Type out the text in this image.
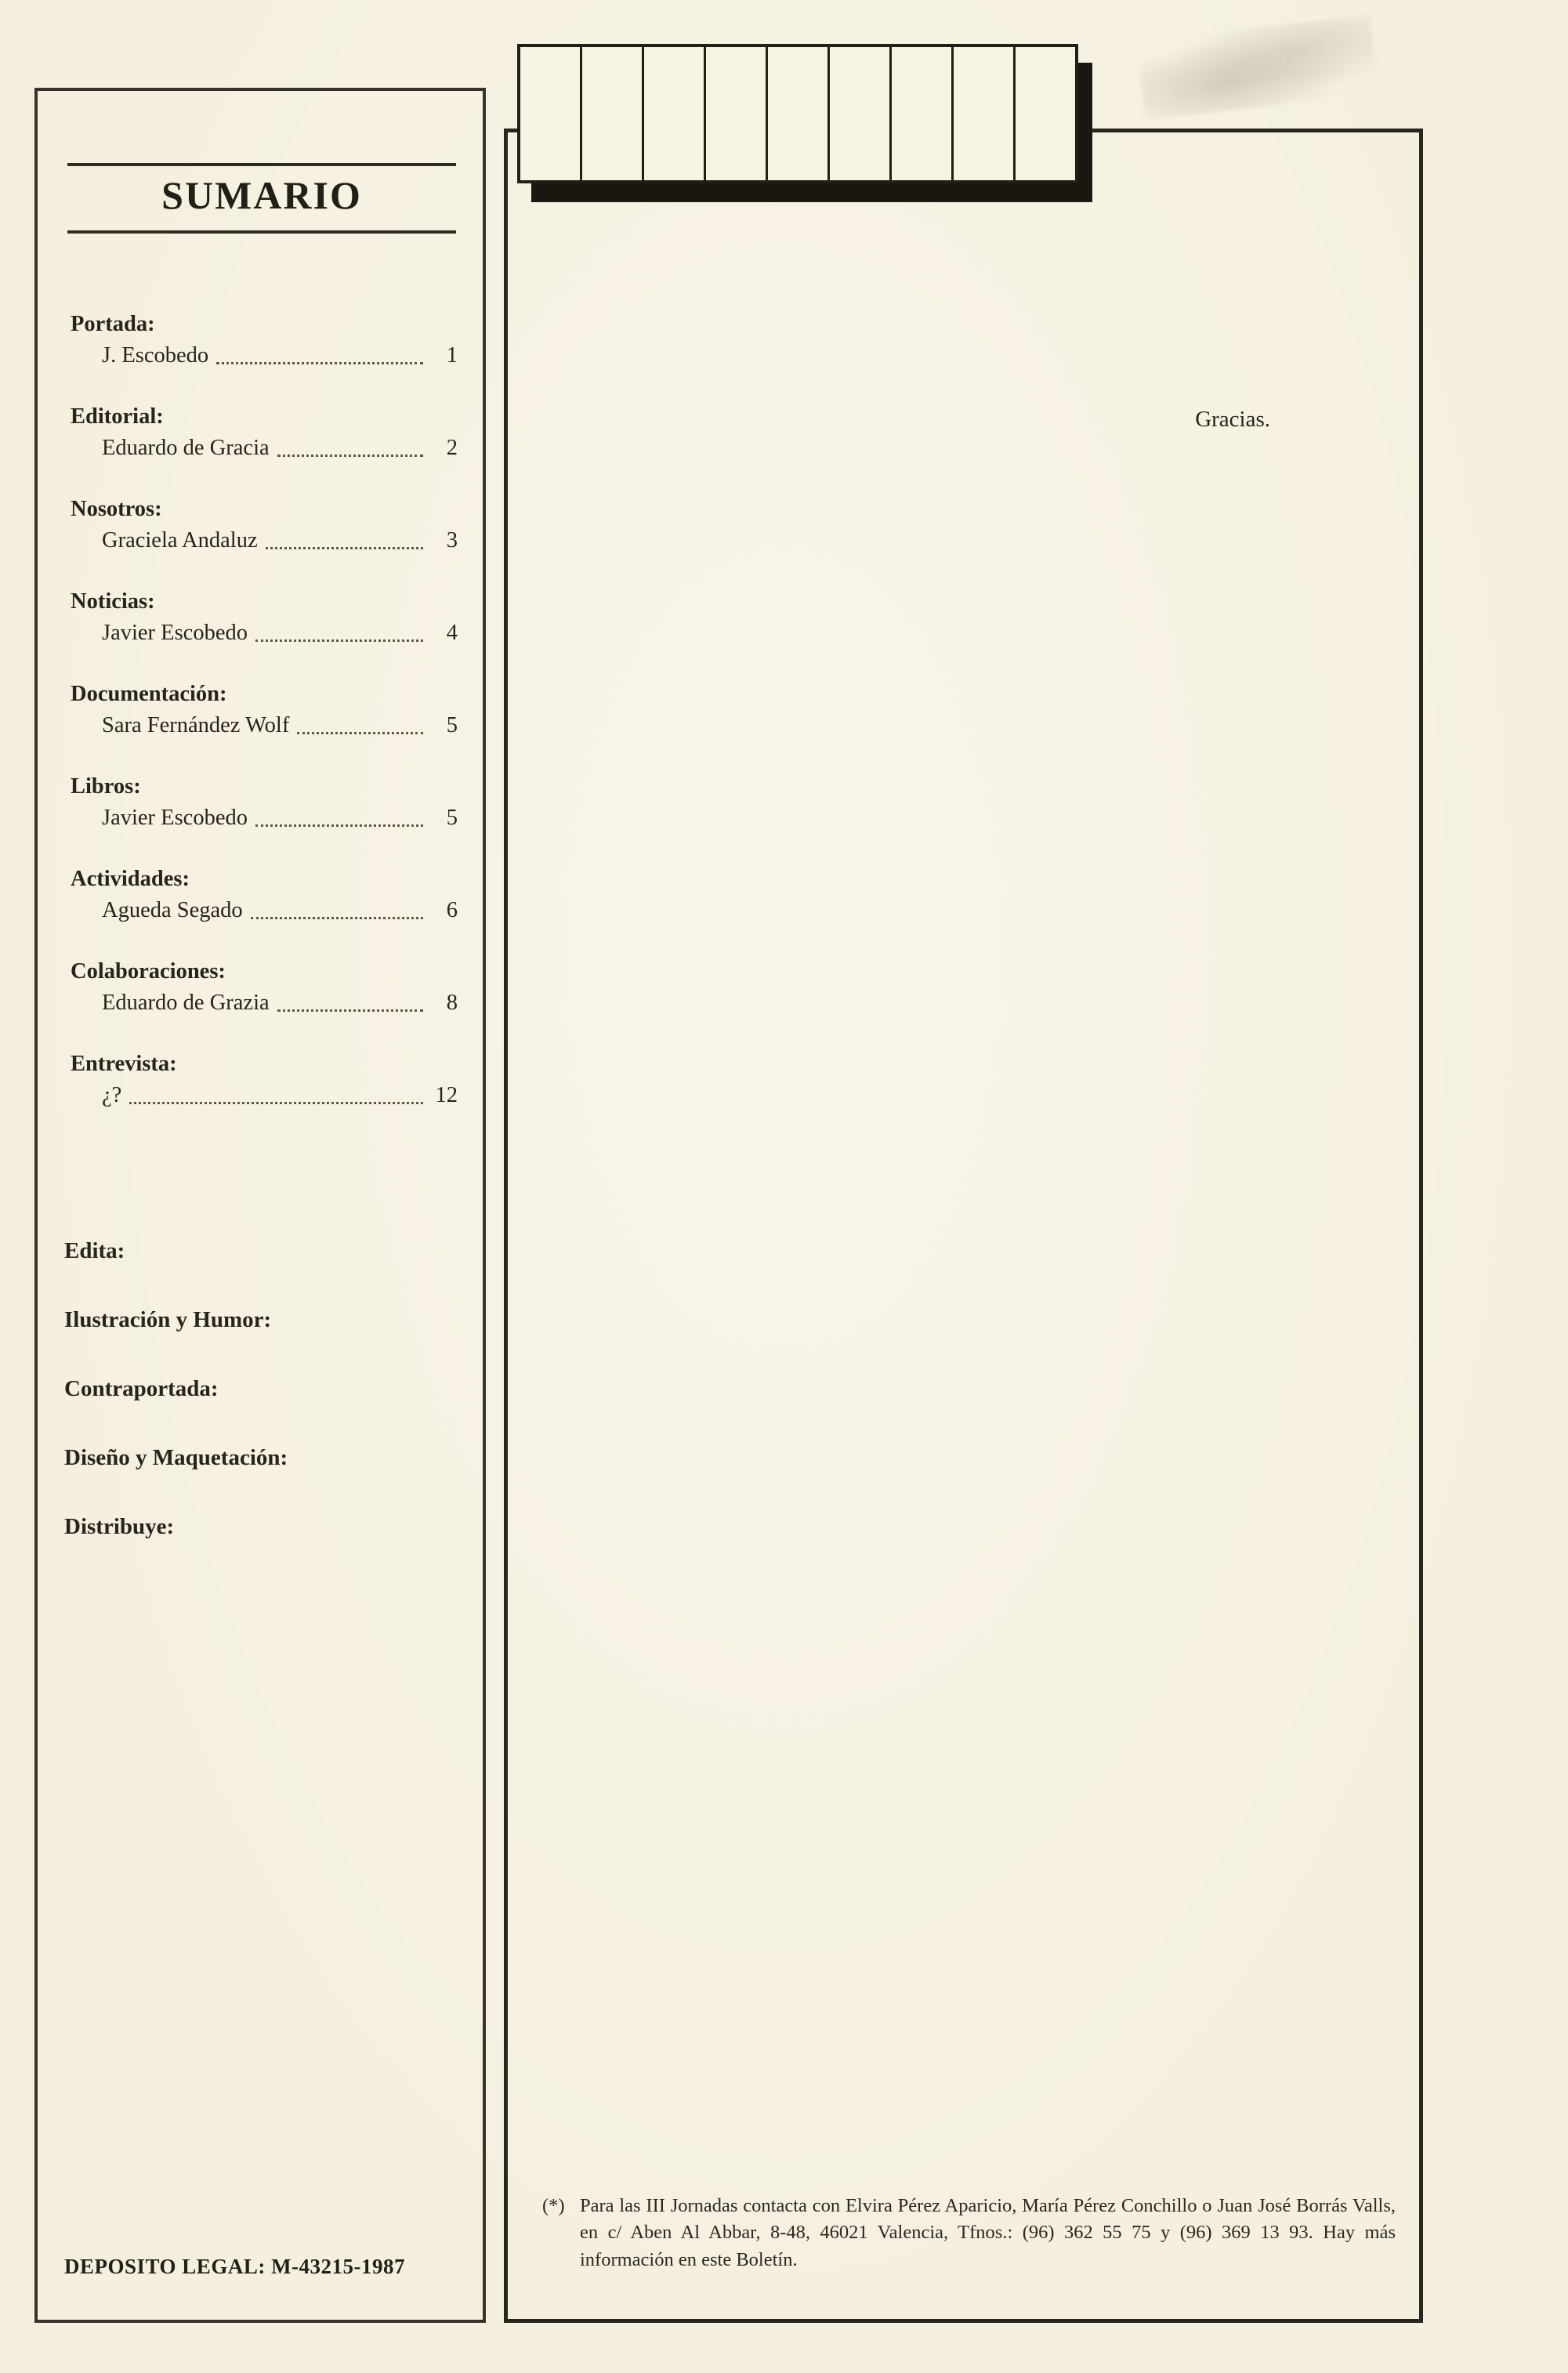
SUMARIO
Portada:
J. Escobedo	1
Editorial:
Eduardo de Gracia	2
Nosotros:
Graciela Andaluz	3
Noticias:
Javier Escobedo	4
Documentación:
Sara Fernández Wolf	5
Libros:
Javier Escobedo	5
Actividades:
Agueda Segado	6
Colaboraciones:
Eduardo de Grazia	8
Entrevista:
¿?	12
Edita:
Ilustración y Humor:
Contraportada:
Diseño y Maquetación:
Distribuye:
DEPOSITO LEGAL: M-43215-1987

Gracias.
(*) Para las III Jornadas contacta con Elvira Pérez Aparicio, María Pérez Conchillo o Juan José Borrás Valls, en c/ Aben Al Abbar, 8-48, 46021 Valencia, Tfnos.: (96) 362 55 75 y (96) 369 13 93. Hay más información en este Boletín.
